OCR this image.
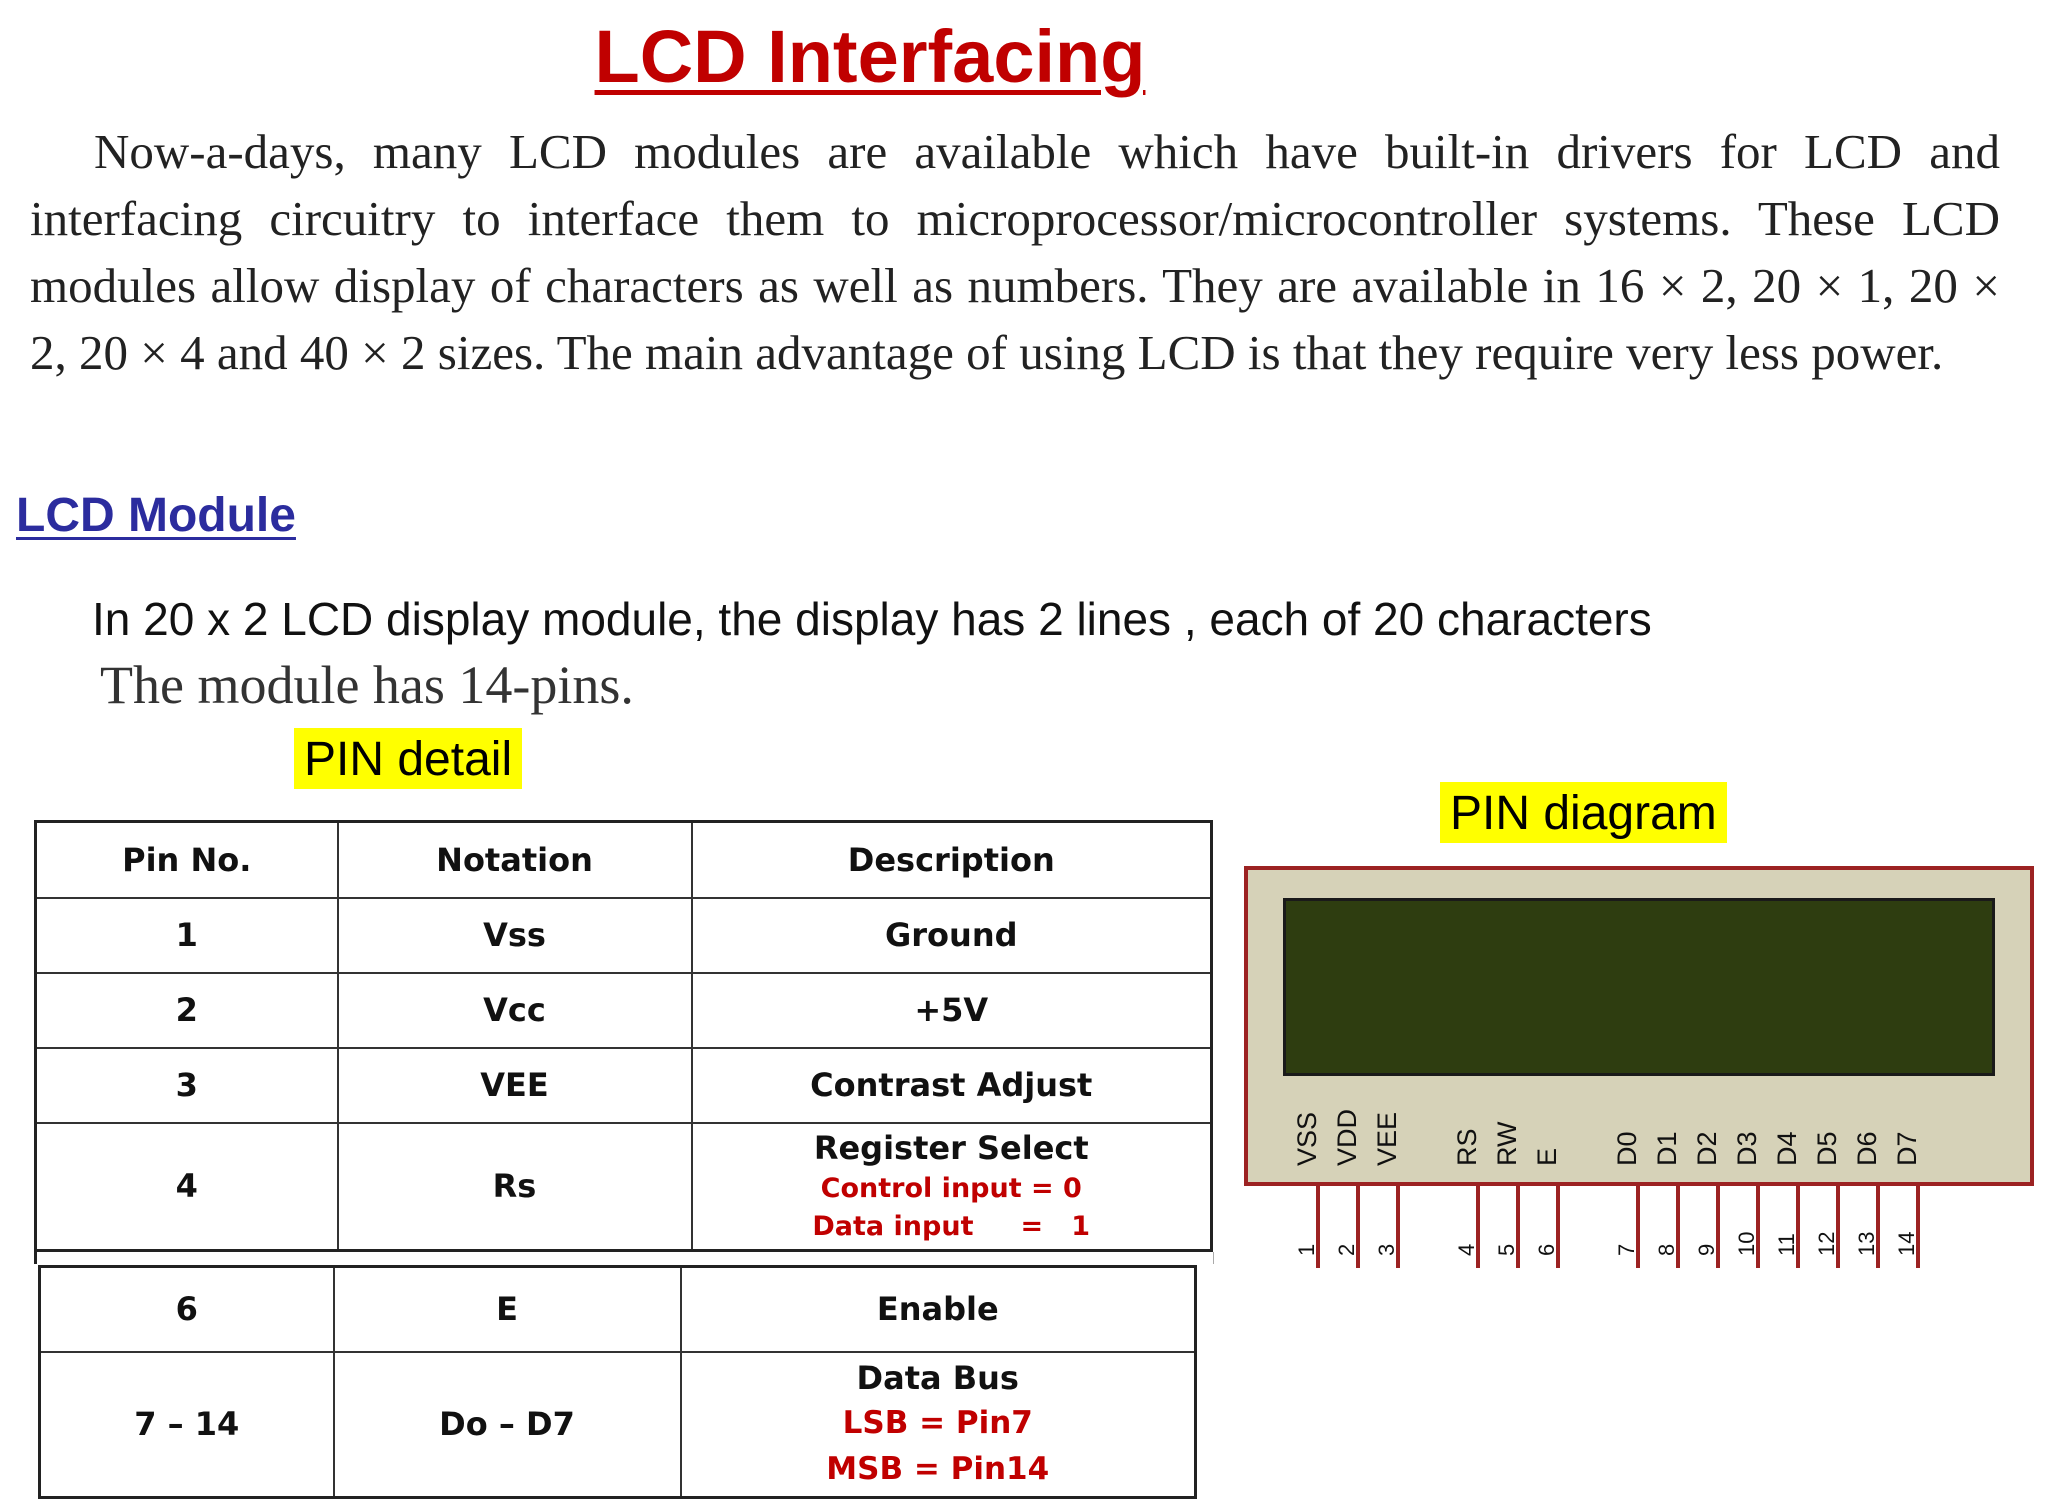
LCD Interfacing
Now-a-days, many LCD modules are available which have built-in drivers for LCD and interfacing circuitry to interface them to microprocessor/microcontroller systems. These LCD modules allow display of characters as well as numbers. They are available in 16 × 2, 20 × 1, 20 × 2, 20 × 4 and 40 × 2 sizes. The main advantage of using LCD is that they require very less power.
LCD Module
In 20 x 2 LCD display module, the display has 2 lines , each of 20 characters
The module has 14-pins.
PIN detail
PIN diagram
Pin No.	Notation	Description
1	Vss	Ground
2	Vcc	+5V
3	VEE	Contrast Adjust
4	Rs	Register Select
Control input = 0
Data input     =   1
6	E	Enable
7 – 14	Do – D7	Data Bus
LSB = Pin7
MSB = Pin14
VSS
1
VDD
2
VEE
3
RS
4
RW
5
E
6
D0
7
D1
8
D2
9
D3
10
D4
11
D5
12
D6
13
D7
14
